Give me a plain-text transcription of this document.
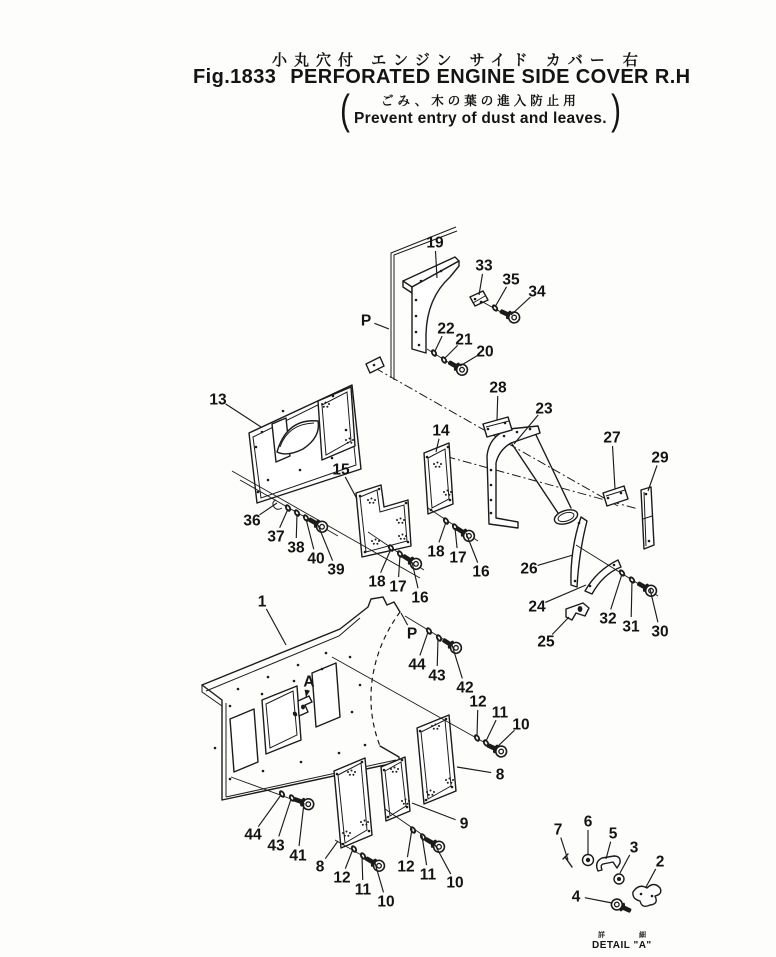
小丸穴付 エンジン サイド カバー 右
Fig.1833 PERFORATED ENGINE SIDE COVER R.H
(	ごみ、木の葉の進入防止用
Prevent entry of dust and leaves. )
19
33
35
34
P	22
21
20
13
28
23
27
29
14
15
36
37
38
40
39
18 17
16
18 17
16 26
24
32 31 30
25
1
P
44
43
42
12
11
10
8
9
44
43
41
8
12
11
10
12 11 10
7 6
5
3
2
4
A
詳 細
DETAIL "A"
